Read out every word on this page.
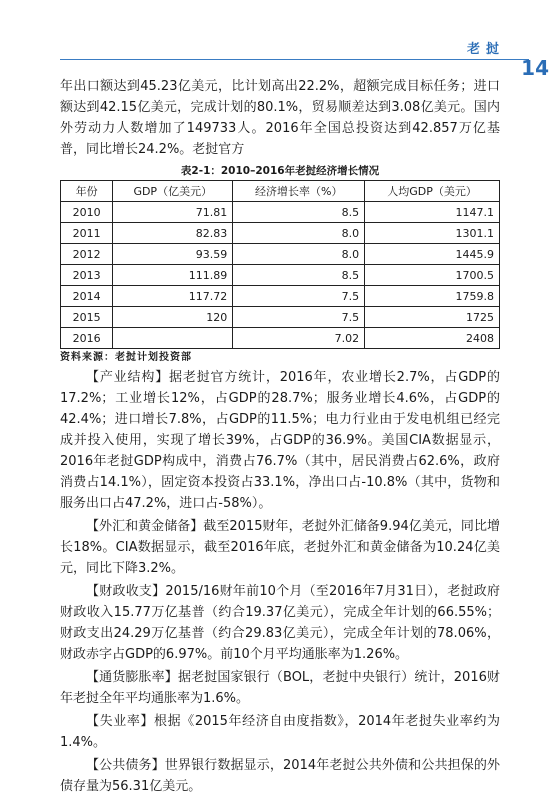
老挝
14

年出口额达到45.23亿美元，比计划高出22.2%，超额完成目标任务；进口额达到42.15亿美元，完成计划的80.1%，贸易顺差达到3.08亿美元。国内外劳动力人数增加了149733人。2016年全国总投资达到42.857万亿基普，同比增长24.2%。老挝官方

表2-1：2010–2016年老挝经济增长情况
年份	GDP（亿美元）	经济增长率（%）	人均GDP（美元）
2010	71.81	8.5	1147.1
2011	82.83	8.0	1301.1
2012	93.59	8.0	1445.9
2013	111.89	8.5	1700.5
2014	117.72	7.5	1759.8
2015	120	7.5	1725
2016		7.02	2408
资料来源：老挝计划投资部

【产业结构】据老挝官方统计，2016年，农业增长2.7%，占GDP的17.2%；工业增长12%，占GDP的28.7%；服务业增长4.6%，占GDP的42.4%；进口增长7.8%，占GDP的11.5%；电力行业由于发电机组已经完成并投入使用，实现了增长39%，占GDP的36.9%。美国CIA数据显示，2016年老挝GDP构成中，消费占76.7%（其中，居民消费占62.6%，政府消费占14.1%），固定资本投资占33.1%，净出口占-10.8%（其中，货物和服务出口占47.2%，进口占-58%）。

【外汇和黄金储备】截至2015财年，老挝外汇储备9.94亿美元，同比增长18%。CIA数据显示，截至2016年底，老挝外汇和黄金储备为10.24亿美元，同比下降3.2%。

【财政收支】2015/16财年前10个月（至2016年7月31日），老挝政府财政收入15.77万亿基普（约合19.37亿美元），完成全年计划的66.55%；财政支出24.29万亿基普（约合29.83亿美元），完成全年计划的78.06%，财政赤字占GDP的6.97%。前10个月平均通胀率为1.26%。

【通货膨胀率】据老挝国家银行（BOL，老挝中央银行）统计，2016财年老挝全年平均通胀率为1.6%。

【失业率】根据《2015年经济自由度指数》，2014年老挝失业率约为1.4%。

【公共债务】世界银行数据显示，2014年老挝公共外债和公共担保的外债存量为56.31亿美元。
